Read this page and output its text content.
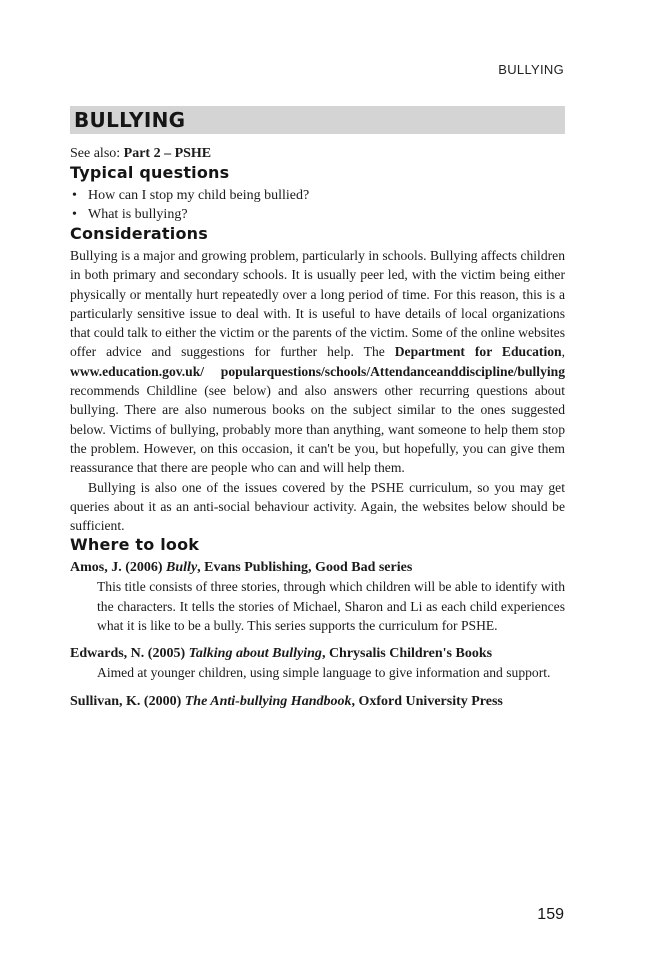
BULLYING
BULLYING
See also: Part 2 – PSHE
Typical questions
• How can I stop my child being bullied?
• What is bullying?
Considerations

Bullying is a major and growing problem, particularly in schools. Bullying affects children in both primary and secondary schools. It is usually peer led, with the victim being either physically or mentally hurt repeatedly over a long period of time. For this reason, this is a particularly sensitive issue to deal with. It is useful to have details of local organizations that could talk to either the victim or the parents of the victim. Some of the online websites offer advice and suggestions for further help. The Department for Education, www.education.gov.uk/ popularquestions/schools/Attendanceanddiscipline/bullying recommends Childline (see below) and also answers other recurring questions about bullying. There are also numerous books on the subject similar to the ones suggested below. Victims of bullying, probably more than anything, want someone to help them stop the problem. However, on this occasion, it can't be you, but hopefully, you can give them reassurance that there are people who can and will help them.

Bullying is also one of the issues covered by the PSHE curriculum, so you may get queries about it as an anti-social behaviour activity. Again, the websites below should be sufficient.

Where to look
Amos, J. (2006) Bully, Evans Publishing, Good Bad series
This title consists of three stories, through which children will be able to identify with the characters. It tells the stories of Michael, Sharon and Li as each child experiences what it is like to be a bully. This series supports the curriculum for PSHE.
Edwards, N. (2005) Talking about Bullying, Chrysalis Children's Books
Aimed at younger children, using simple language to give information and support.
Sullivan, K. (2000) The Anti-bullying Handbook, Oxford University Press
159
